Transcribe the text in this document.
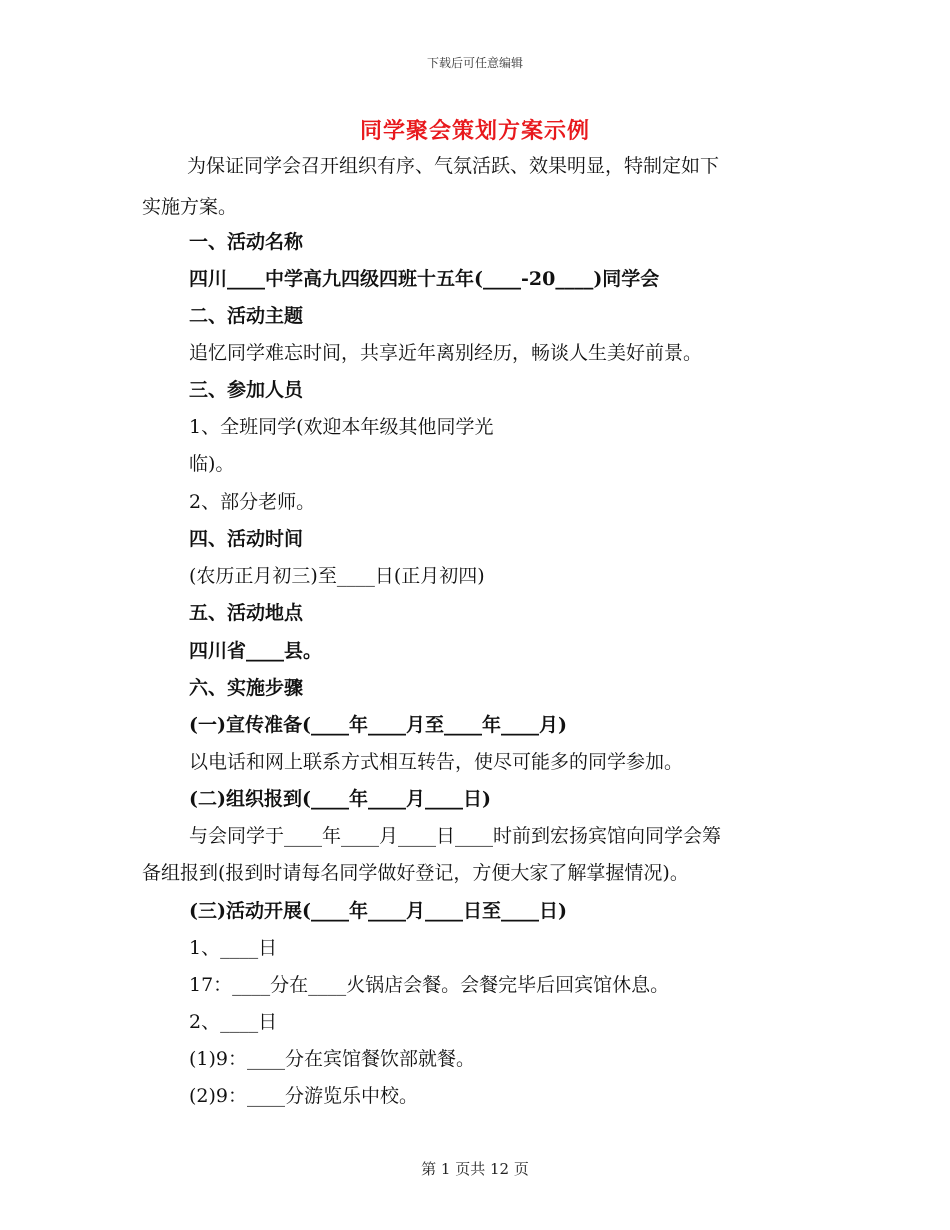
下载后可任意编辑
同学聚会策划方案示例
为保证同学会召开组织有序、气氛活跃、效果明显，特制定如下
实施方案。
一、活动名称
四川____中学高九四级四班十五年(____-20____)同学会
二、活动主题
追忆同学难忘时间，共享近年离别经历，畅谈人生美好前景。
三、参加人员
1、全班同学(欢迎本年级其他同学光
临)。
2、部分老师。
四、活动时间
(农历正月初三)至____日(正月初四)
五、活动地点
四川省____县。
六、实施步骤
(一)宣传准备(____年____月至____年____月)
以电话和网上联系方式相互转告，使尽可能多的同学参加。
(二)组织报到(____年____月____日)
与会同学于____年____月____日____时前到宏扬宾馆向同学会筹
备组报到(报到时请每名同学做好登记，方便大家了解掌握情况)。
(三)活动开展(____年____月____日至____日)
1、____日
17：____分在____火锅店会餐。会餐完毕后回宾馆休息。
2、____日
(1)9：____分在宾馆餐饮部就餐。
(2)9：____分游览乐中校。
第 1 页共 12 页
